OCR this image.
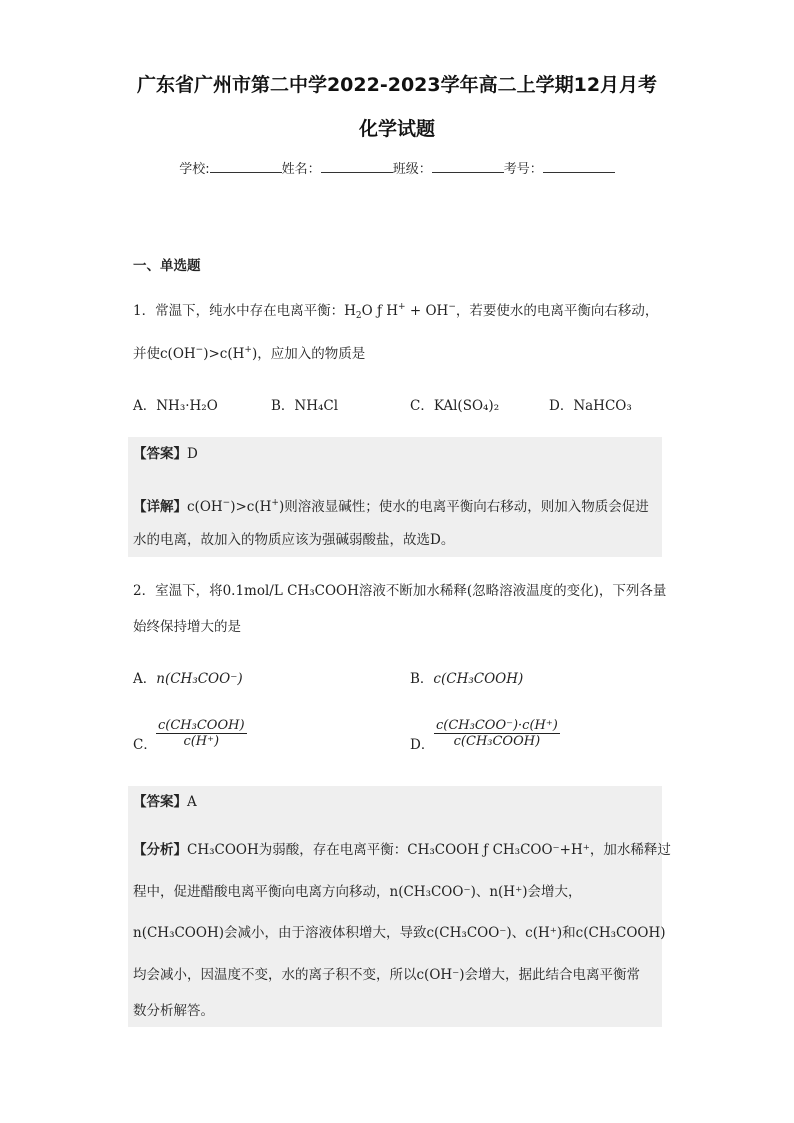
广东省广州市第二中学2022-2023学年高二上学期12月月考
化学试题
学校:	姓名：	班级：	考号：
一、单选题
1．常温下，纯水中存在电离平衡：$H_2O$ ƒ H+ + OH−，若要使水的电离平衡向右移动，
并使c(OH−)>c(H+)，应加入的物质是
A．NH₃·H₂O	B．NH₄Cl	C．KAl(SO₄)₂	D．NaHCO₃
【答案】D
【详解】c(OH−)>c(H+)则溶液显碱性；使水的电离平衡向右移动，则加入物质会促进
水的电离，故加入的物质应该为强碱弱酸盐，故选D。
2．室温下，将0.1mol/L CH₃COOH溶液不断加水稀释(忽略溶液温度的变化)，下列各量
始终保持增大的是
A．n(CH₃COO⁻)	B．c(CH₃COOH)
C．
c(CH₃COOH)
c(H⁺)	D．
c(CH₃COO⁻)·c(H⁺)
c(CH₃COOH)
【答案】A
【分析】CH₃COOH为弱酸，存在电离平衡：CH₃COOH ƒ CH₃COO⁻+H⁺，加水稀释过
程中，促进醋酸电离平衡向电离方向移动，n(CH₃COO⁻)、n(H⁺)会增大，
n(CH₃COOH)会减小，由于溶液体积增大，导致c(CH₃COO⁻)、c(H⁺)和c(CH₃COOH)
均会减小，因温度不变，水的离子积不变，所以c(OH⁻)会增大，据此结合电离平衡常
数分析解答。
